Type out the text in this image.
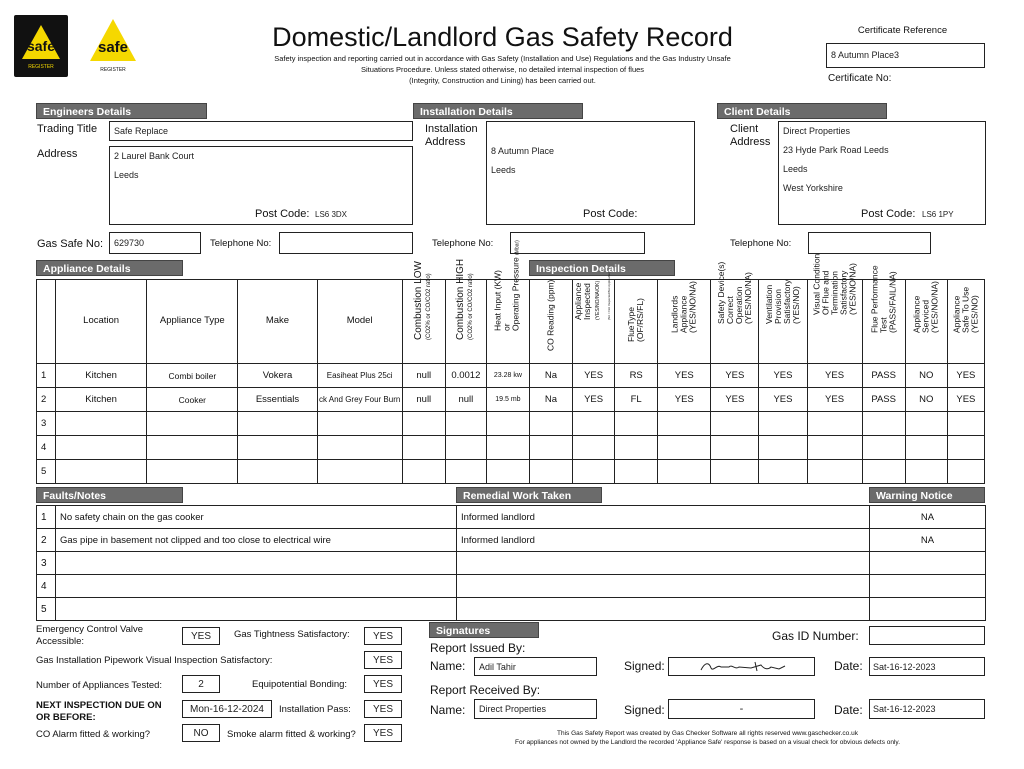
safe
REGISTER
safe
REGISTER
Domestic/Landlord Gas Safety Record
Safety inspection and reporting carried out in accordance with Gas Safety (Installation and Use) Regulations and the Gas Industry Unsafe
Situations Procedure. Unless stated otherwise, no detailed internal inspection of flues
(Integrity, Construction and Lining) has been carried out.
Certificate Reference
8 Autumn Place3
Certificate No:
Engineers Details
Trading Title Safe Replace
Address	2 Laurel Bank Court
Leeds
Post Code: LS6 3DX
Gas Safe No: 629730	Telephone No:
Installation Details
Installation
Address
8 Autumn Place
Leeds
Post Code:
Telephone No:
Client Details
Client
Address
Direct Properties
23 Hyde Park Road Leeds
Leeds
West Yorkshire
Post Code: LS6 1PY
Telephone No:
Appliance Details	Inspection Details
	Location	Appliance Type	Make	Model	Combustion LOW (CO2% or CO/CO2 ratio)	Combustion HIGH (CO2% or CO/CO2 ratio)	Heat Input (KW)
or
Operating Pressure (Mbar)	CO Reading (ppm)	Appliance
Inspected (YES/NO/NA/OK) (NA = Not Inspected/Not Applicable)	FlueType
(OF/RS/FL)	Landlords
Appliance
(YES/NO/NA)	Safety Device(s)
Correct
Operation
(YES/NO/NA)	Ventilation
Provision
Satisfactory
(YES/NO)	Visual Condition
Of Flue and
Termination
Satisfactory
(YES/NO/NA)	Flue Performance
Test
(PASS/FAIL/NA)	Appliance
Serviced
(YES/NO/NA)	Appliance
Safe To Use
(YES/NO)

1	Kitchen	Combi boiler	Vokera	Easiheat Plus 25ci	null	0.0012	23.28 kw	Na	YES	RS	YES	YES	YES	YES	PASS	NO	YES
2	Kitchen	Cooker	Essentials	ck And Grey Four Burn	null	null	19.5 mb	Na	YES	FL	YES	YES	YES	YES	PASS	NO	YES
3																	
4																	
5																	
Faults/Notes	Remedial Work Taken	Warning Notice Fixed
1	No safety chain on the gas cooker	Informed landlord	NA
2	Gas pipe in basement not clipped and too close to electrical wire	Informed landlord	NA
3			
4			
5			
Emergency Control Valve
Accessible:	YES	Gas Tightness Satisfactory:	YES
Gas Installation Pipework Visual Inspection Satisfactory:	YES
Number of Appliances Tested:	2	Equipotential Bonding:	YES
NEXT INSPECTION DUE ON
OR BEFORE:
Mon-16-12-2024	Installation Pass:	YES
CO Alarm fitted & working?	NO	Smoke alarm fitted & working?	YES
Signatures	Gas ID Number:
Report Issued By:
Name: Adil Tahir	Signed:	Date: Sat-16-12-2023
Report Received By:
Name: Direct Properties	Signed:	-	Date: Sat-16-12-2023
This Gas Safety Report was created by Gas Checker Software all rights reserved www.gaschecker.co.uk
For appliances not owned by the Landlord the recorded 'Appliance Safe' response is based on a visual check for obvious defects only.
